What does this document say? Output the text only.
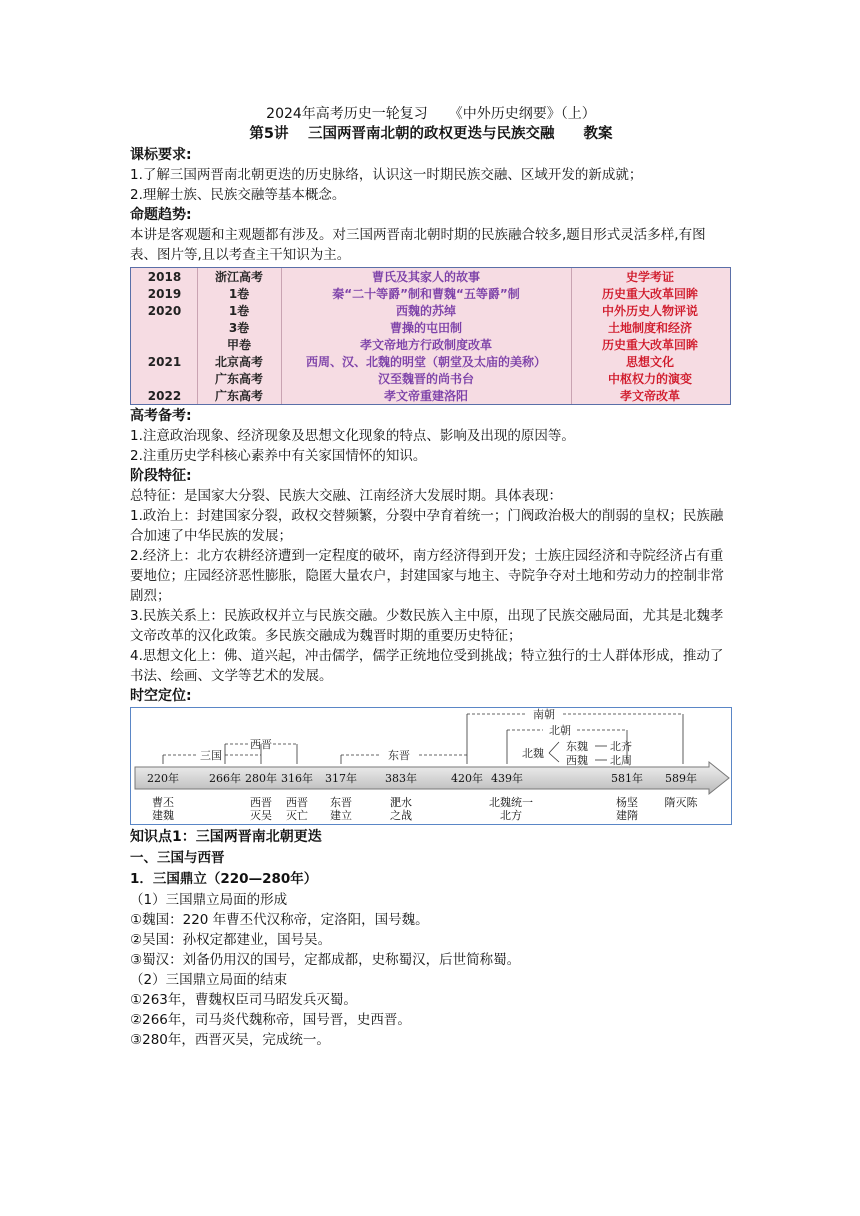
2024年高考历史一轮复习　　《中外历史纲要》（上）
第5讲　 三国两晋南北朝的政权更迭与民族交融　　教案
课标要求:
1.了解三国两晋南北朝更迭的历史脉络，认识这一时期民族交融、区域开发的新成就；
2.理解士族、民族交融等基本概念。
命题趋势:
本讲是客观题和主观题都有涉及。对三国两晋南北朝时期的民族融合较多,题目形式灵活多样,有图表、图片等,且以考查主干知识为主。
2018	浙江高考	曹氏及其家人的故事	史学考证
2019	1卷	秦“二十等爵”制和曹魏“五等爵”制	历史重大改革回眸
2020	1卷	西魏的苏绰	中外历史人物评说
3卷	曹操的屯田制	土地制度和经济
甲卷	孝文帝地方行政制度改革	历史重大改革回眸
2021	北京高考	西周、汉、北魏的明堂（朝堂及太庙的美称）	思想文化
广东高考	汉至魏晋的尚书台	中枢权力的演变
2022	广东高考	孝文帝重建洛阳	孝文帝改革
高考备考:
1.注意政治现象、经济现象及思想文化现象的特点、影响及出现的原因等。
2.注重历史学科核心素养中有关家国情怀的知识。
阶段特征:
总特征：是国家大分裂、民族大交融、江南经济大发展时期。具体表现：
1.政治上：封建国家分裂，政权交替频繁，分裂中孕育着统一；门阀政治极大的削弱的皇权；民族融合加速了中华民族的发展；
2.经济上：北方农耕经济遭到一定程度的破坏，南方经济得到开发；士族庄园经济和寺院经济占有重要地位；庄园经济恶性膨胀，隐匿大量农户，封建国家与地主、寺院争夺对土地和劳动力的控制非常剧烈；
3.民族关系上：民族政权并立与民族交融。少数民族入主中原，出现了民族交融局面，尤其是北魏孝文帝改革的汉化政策。多民族交融成为魏晋时期的重要历史特征；
4.思想文化上：佛、道兴起，冲击儒学，儒学正统地位受到挑战；特立独行的士人群体形成，推动了书法、绘画、文学等艺术的发展。
时空定位:
三国
西晋
东晋
南朝
北朝
北魏
东魏 北齐
西魏 北周
220年	266年 280年 316年 317年	383年	420年 439年	581年 589年
曹丕
建魏
西晋
灭吴
西晋
灭亡
东晋
建立
淝水
之战
北魏统一
北方
杨坚
建隋
隋灭陈
知识点1：三国两晋南北朝更迭
一、三国与西晋
1．三国鼎立（220—280年）
（1）三国鼎立局面的形成
①魏国：220 年曹丕代汉称帝，定洛阳，国号魏。
②吴国：孙权定都建业，国号吴。
③蜀汉：刘备仍用汉的国号，定都成都，史称蜀汉，后世简称蜀。
（2）三国鼎立局面的结束
①263年，曹魏权臣司马昭发兵灭蜀。
②266年，司马炎代魏称帝，国号晋，史西晋。
③280年，西晋灭吴，完成统一。
